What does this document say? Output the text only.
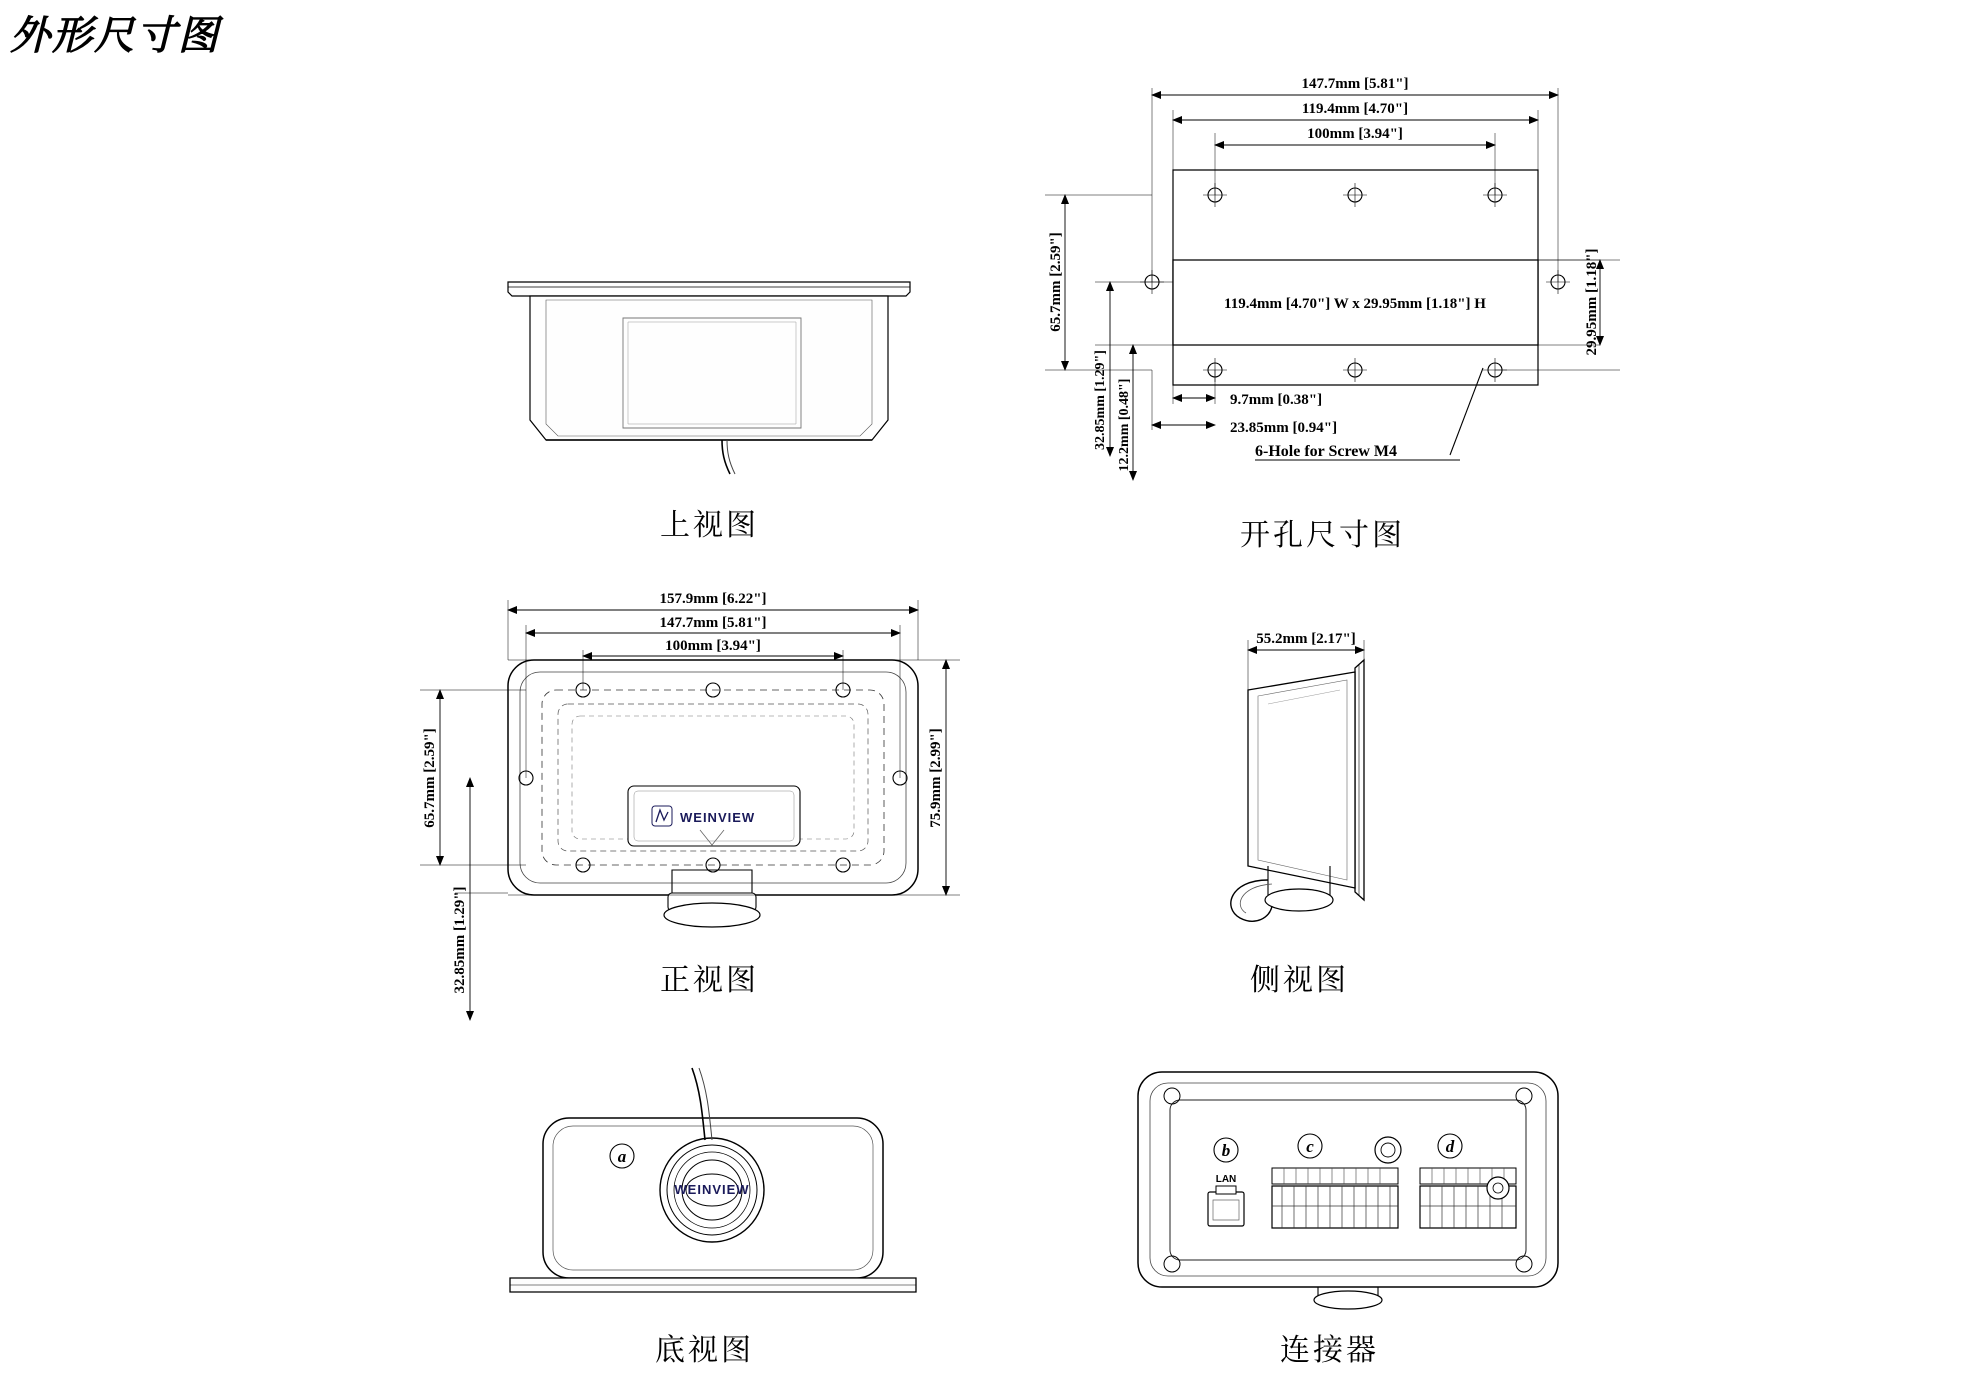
外形尺寸图
147.7mm [5.81"]
119.4mm [4.70"]
100mm [3.94"]
65.7mm [2.59"]
32.85mm [1.29"] 12.2mm [0.48"]	9.7mm [0.38"]
23.85mm [0.94"]
119.4mm [4.70"] W x 29.95mm [1.18"] H	29.95mm [1.18"]
6-Hole for Screw M4
157.9mm [6.22"]
147.7mm [5.81"]
100mm [3.94"]
65.7mm [2.59"]
32.85mm [1.29"]
75.9mm [2.99"]
WEINVIEW
55.2mm [2.17"]
a
WEINVIEW
b	c	d
LAN
上视图	开孔尺寸图
正视图	侧视图
底视图	连接器
